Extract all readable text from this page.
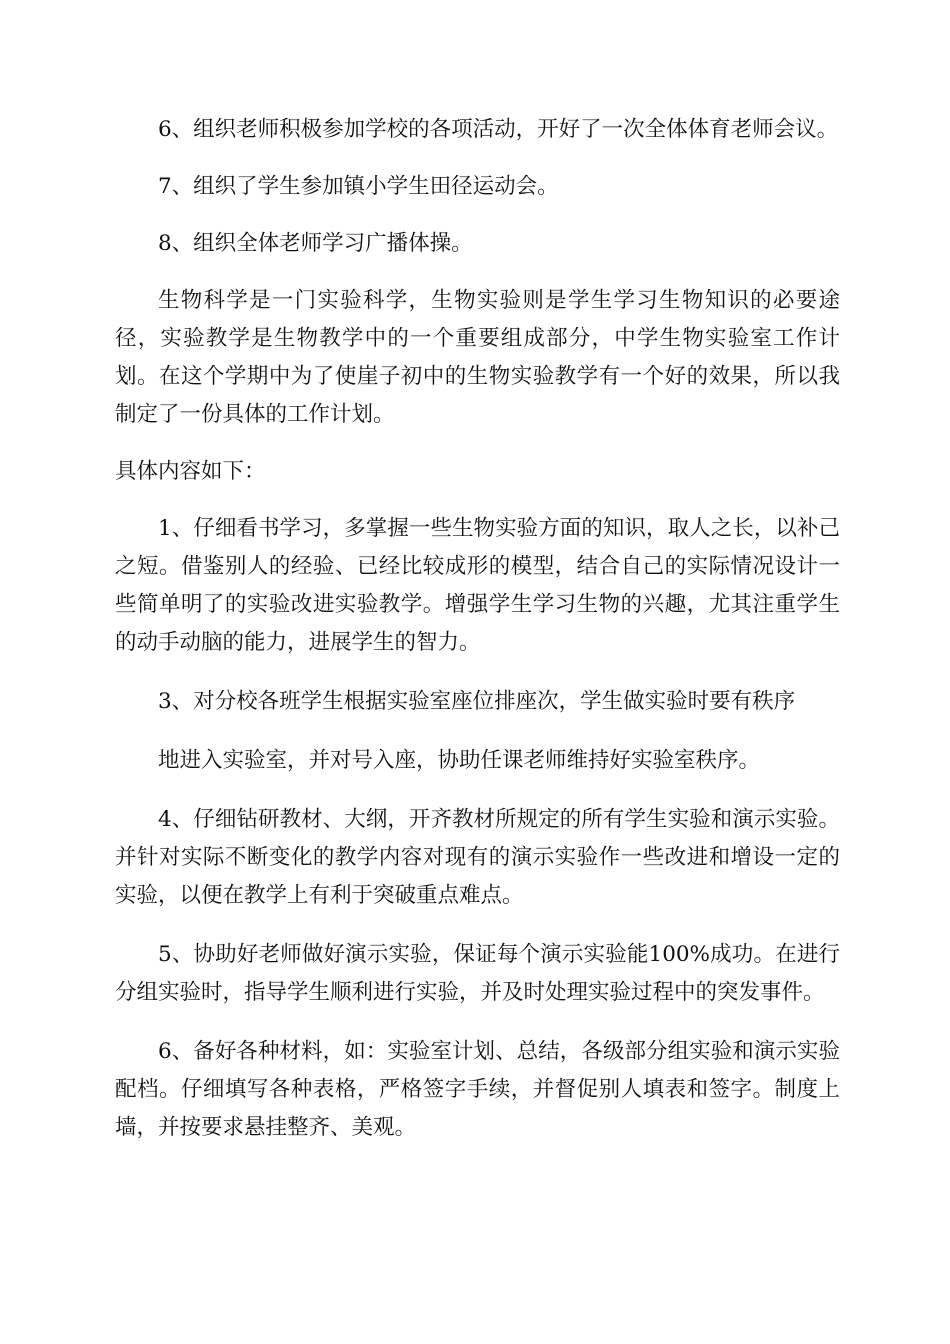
6、组织老师积极参加学校的各项活动，开好了一次全体体育老师会议。

7、组织了学生参加镇小学生田径运动会。

8、组织全体老师学习广播体操。

生物科学是一门实验科学，生物实验则是学生学习生物知识的必要途径，实验教学是生物教学中的一个重要组成部分，中学生物实验室工作计划。在这个学期中为了使崖子初中的生物实验教学有一个好的效果，所以我制定了一份具体的工作计划。

具体内容如下：

1、仔细看书学习，多掌握一些生物实验方面的知识，取人之长，以补己之短。借鉴别人的经验、已经比较成形的模型，结合自己的实际情况设计一些简单明了的实验改进实验教学。增强学生学习生物的兴趣，尤其注重学生的动手动脑的能力，进展学生的智力。

3、对分校各班学生根据实验室座位排座次，学生做实验时要有秩序

地进入实验室，并对号入座，协助任课老师维持好实验室秩序。

4、仔细钻研教材、大纲，开齐教材所规定的所有学生实验和演示实验。并针对实际不断变化的教学内容对现有的演示实验作一些改进和增设一定的实验，以便在教学上有利于突破重点难点。

5、协助好老师做好演示实验，保证每个演示实验能100%成功。在进行分组实验时，指导学生顺利进行实验，并及时处理实验过程中的突发事件。

6、备好各种材料，如：实验室计划、总结，各级部分组实验和演示实验配档。仔细填写各种表格，严格签字手续，并督促别人填表和签字。制度上墙，并按要求悬挂整齐、美观。
